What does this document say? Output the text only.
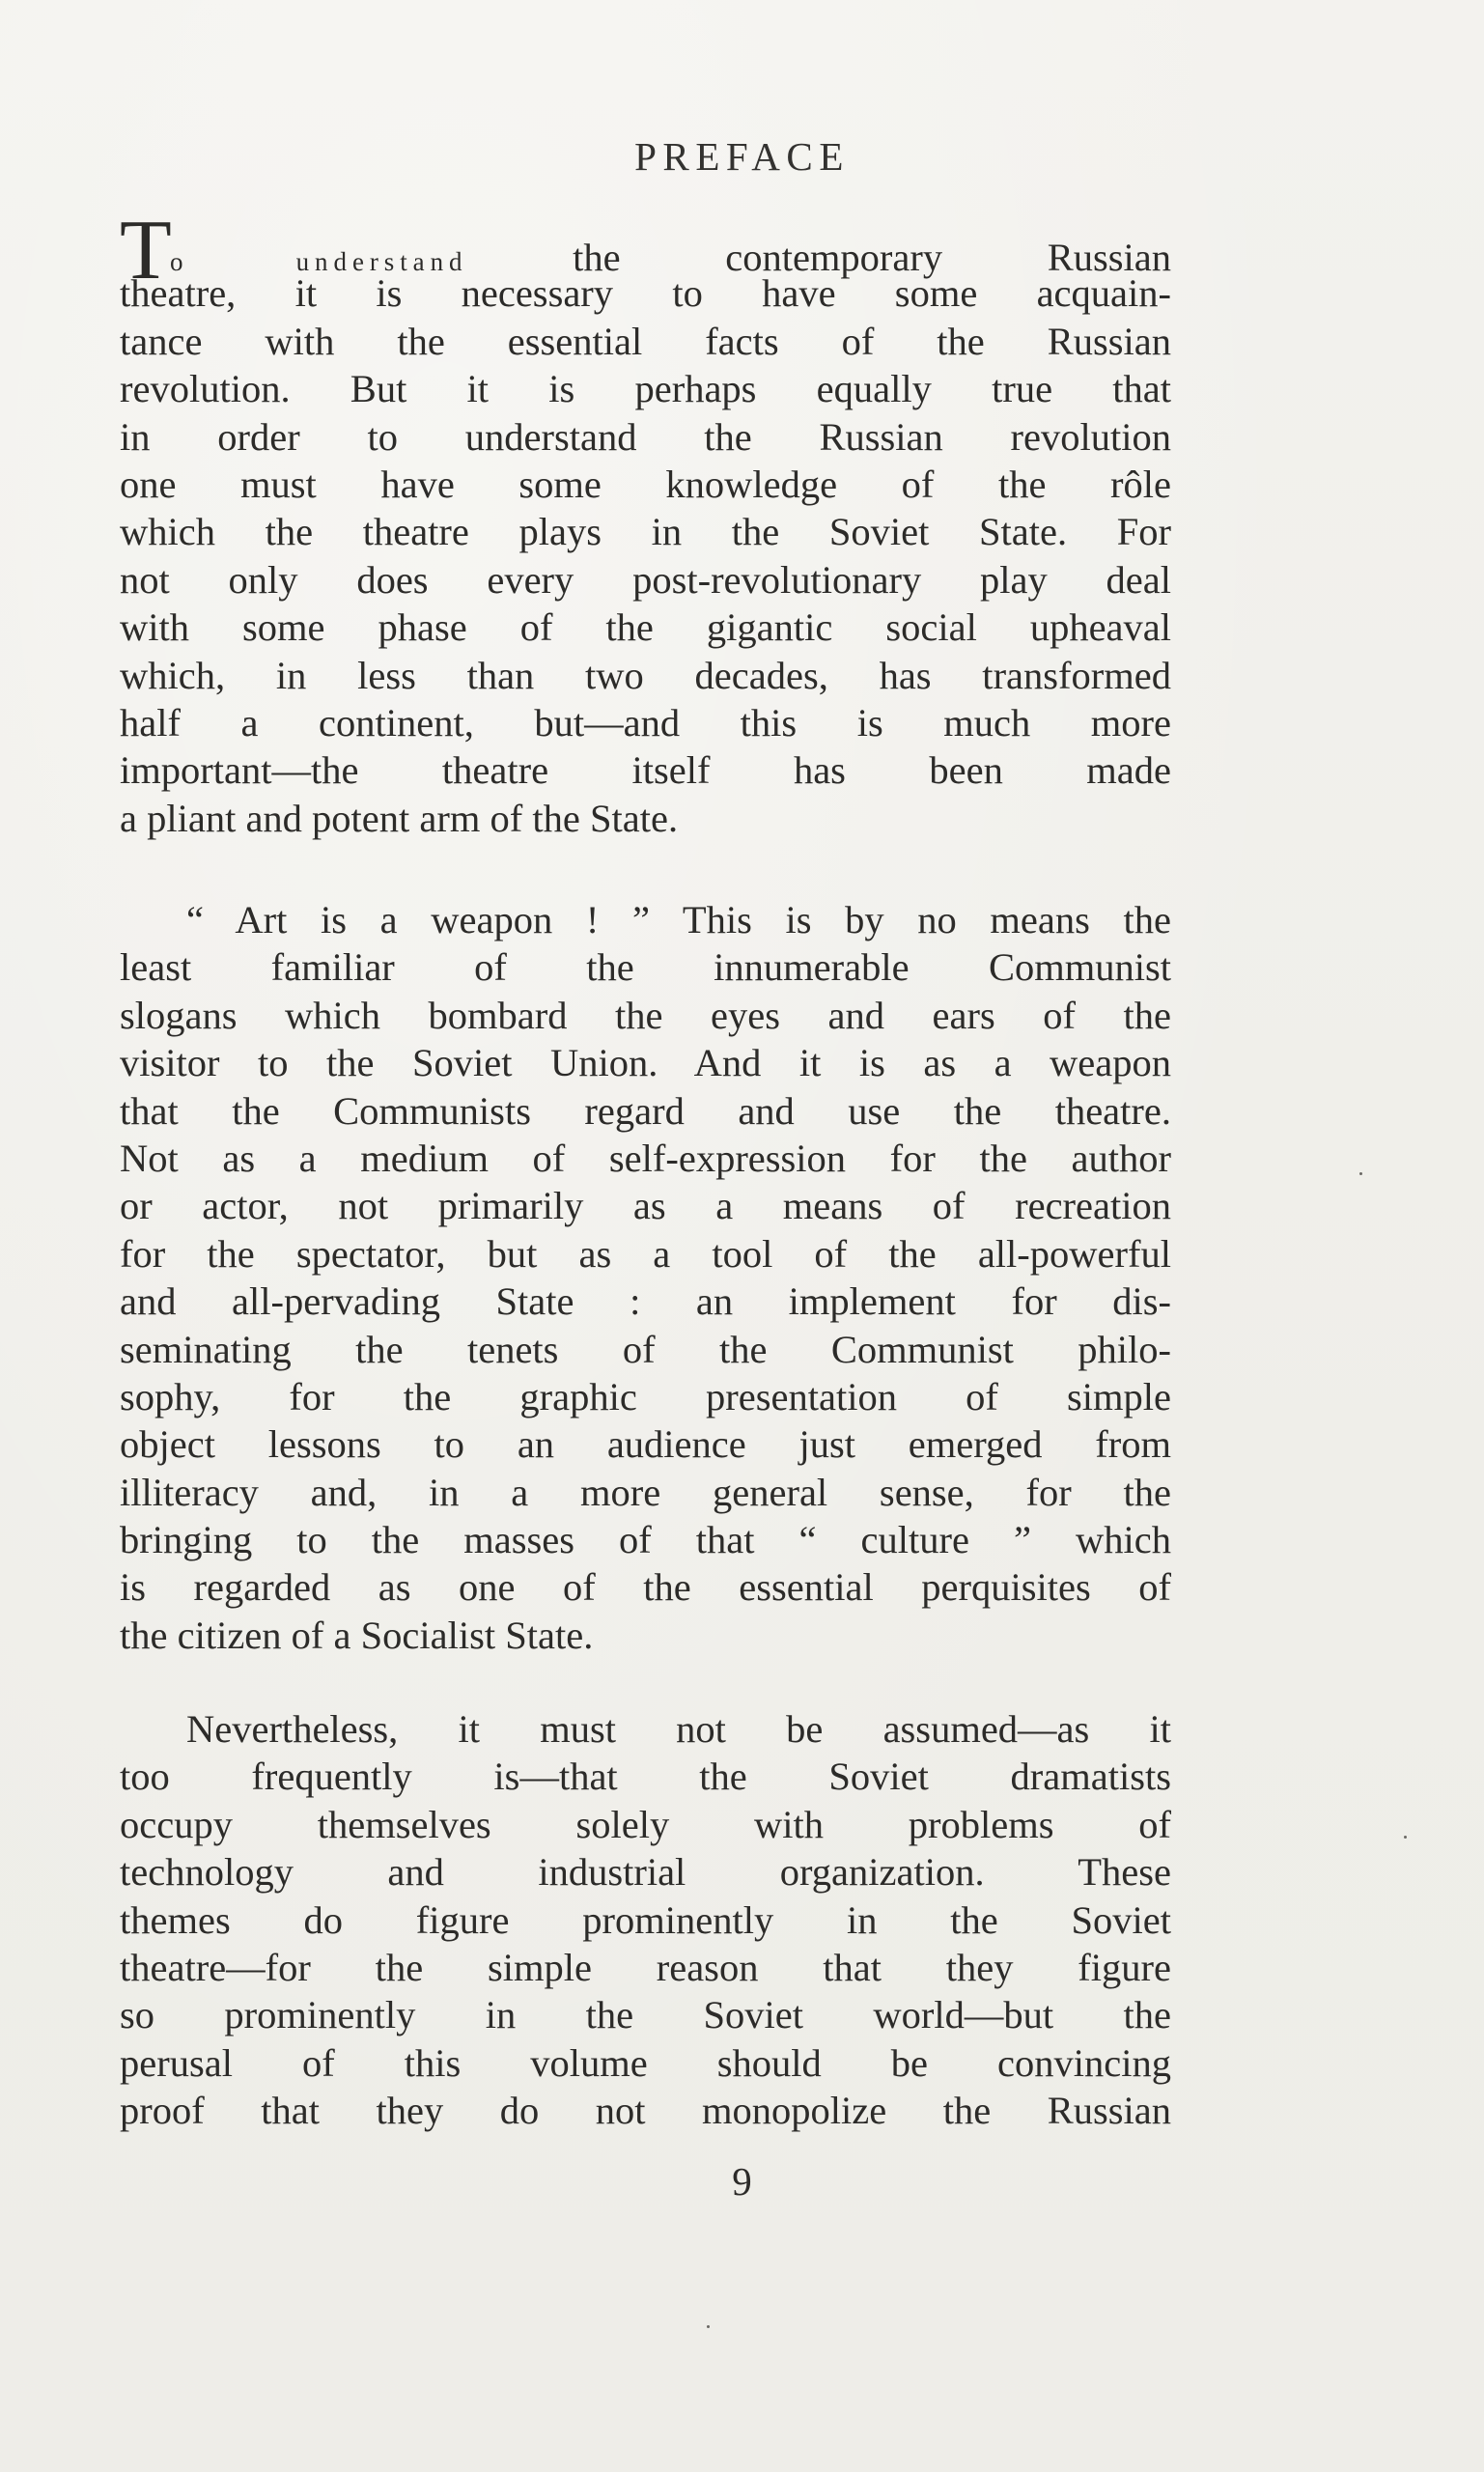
PREFACE

To understand the contemporary Russian
theatre, it is necessary to have some acquain-
tance with the essential facts of the Russian
revolution. But it is perhaps equally true that
in order to understand the Russian revolution
one must have some knowledge of the rôle
which the theatre plays in the Soviet State. For
not only does every post-revolutionary play deal
with some phase of the gigantic social upheaval
which, in less than two decades, has transformed
half a continent, but—and this is much more
important—the theatre itself has been made
a pliant and potent arm of the State.

“ Art is a weapon ! ” This is by no means the
least familiar of the innumerable Communist
slogans which bombard the eyes and ears of the
visitor to the Soviet Union. And it is as a weapon
that the Communists regard and use the theatre.
Not as a medium of self-expression for the author
or actor, not primarily as a means of recreation
for the spectator, but as a tool of the all-powerful
and all-pervading State : an implement for dis-
seminating the tenets of the Communist philo-
sophy, for the graphic presentation of simple
object lessons to an audience just emerged from
illiteracy and, in a more general sense, for the
bringing to the masses of that “ culture ” which
is regarded as one of the essential perquisites of
the citizen of a Socialist State.

Nevertheless, it must not be assumed—as it
too frequently is—that the Soviet dramatists
occupy themselves solely with problems of
technology and industrial organization. These
themes do figure prominently in the Soviet
theatre—for the simple reason that they figure
so prominently in the Soviet world—but the
perusal of this volume should be convincing
proof that they do not monopolize the Russian

9
